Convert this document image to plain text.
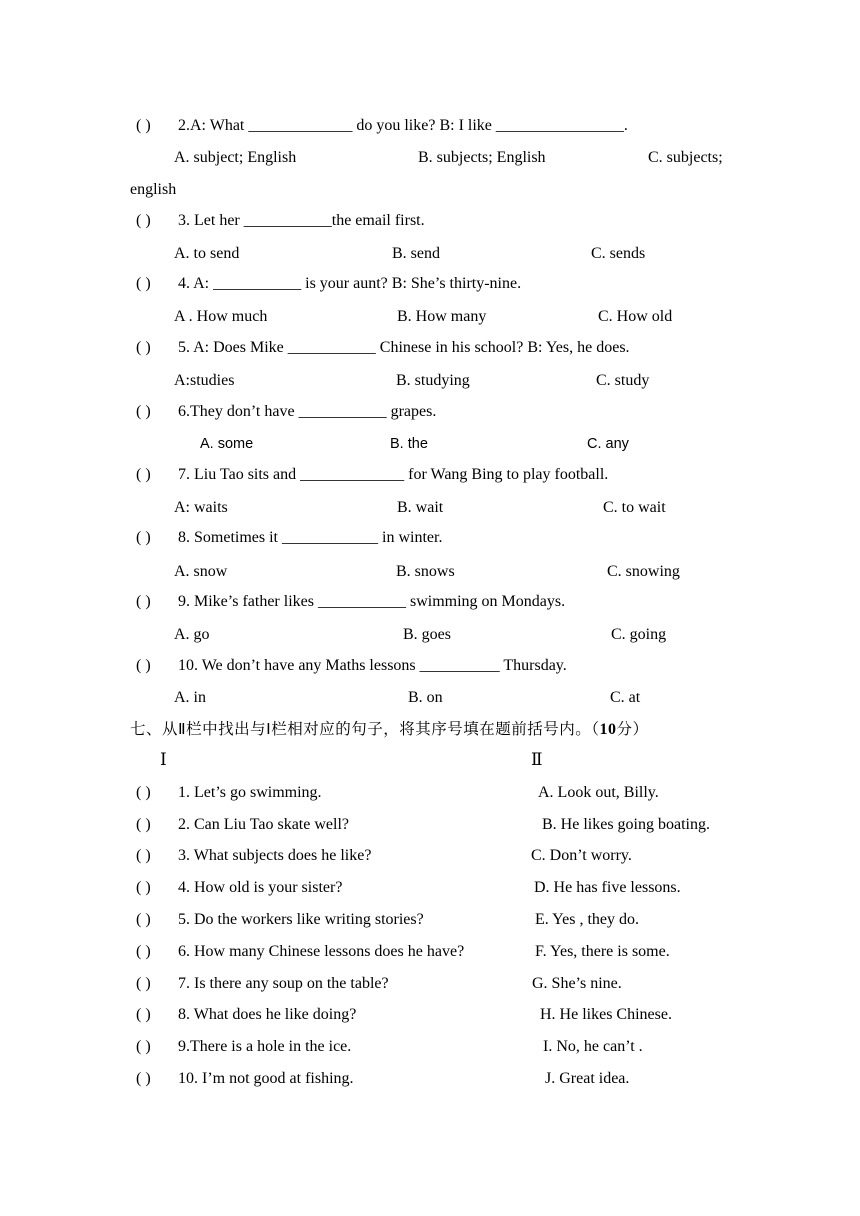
( ) 2.A: What _____________ do you like? B: I like ________________.
A. subject; English	B. subjects; English	C. subjects;
english
( ) 3. Let her ___________the email first.
A. to send	B. send	C. sends
( ) 4. A: ___________ is your aunt? B: She’s thirty-nine.
A . How much	B. How many	C. How old
( ) 5. A: Does Mike ___________ Chinese in his school? B: Yes, he does.
A:studies	B. studying	C. study
( ) 6.They don’t have ___________ grapes.
A. some	B. the	C. any
( ) 7. Liu Tao sits and _____________ for Wang Bing to play football.
A: waits	B. wait	C. to wait
( ) 8. Sometimes it ____________ in winter.
A. snow	B. snows	C. snowing
( ) 9. Mike’s father likes ___________ swimming on Mondays.
A. go	B. goes	C. going
( ) 10. We don’t have any Maths lessons __________ Thursday.
A. in	B. on	C. at
七、从Ⅱ栏中找出与Ⅰ栏相对应的句子，将其序号填在题前括号内。（10分）
Ⅰ	Ⅱ
( ) 1. Let’s go swimming.	A. Look out, Billy.
( ) 2. Can Liu Tao skate well?	B. He likes going boating.
( ) 3. What subjects does he like?	C. Don’t worry.
( ) 4. How old is your sister?	D. He has five lessons.
( ) 5. Do the workers like writing stories?	E. Yes , they do.
( ) 6. How many Chinese lessons does he have?	F. Yes, there is some.
( ) 7. Is there any soup on the table?	G. She’s nine.
( ) 8. What does he like doing?	H. He likes Chinese.
( ) 9.There is a hole in the ice.	I. No, he can’t .
( ) 10. I’m not good at fishing.	J. Great idea.
